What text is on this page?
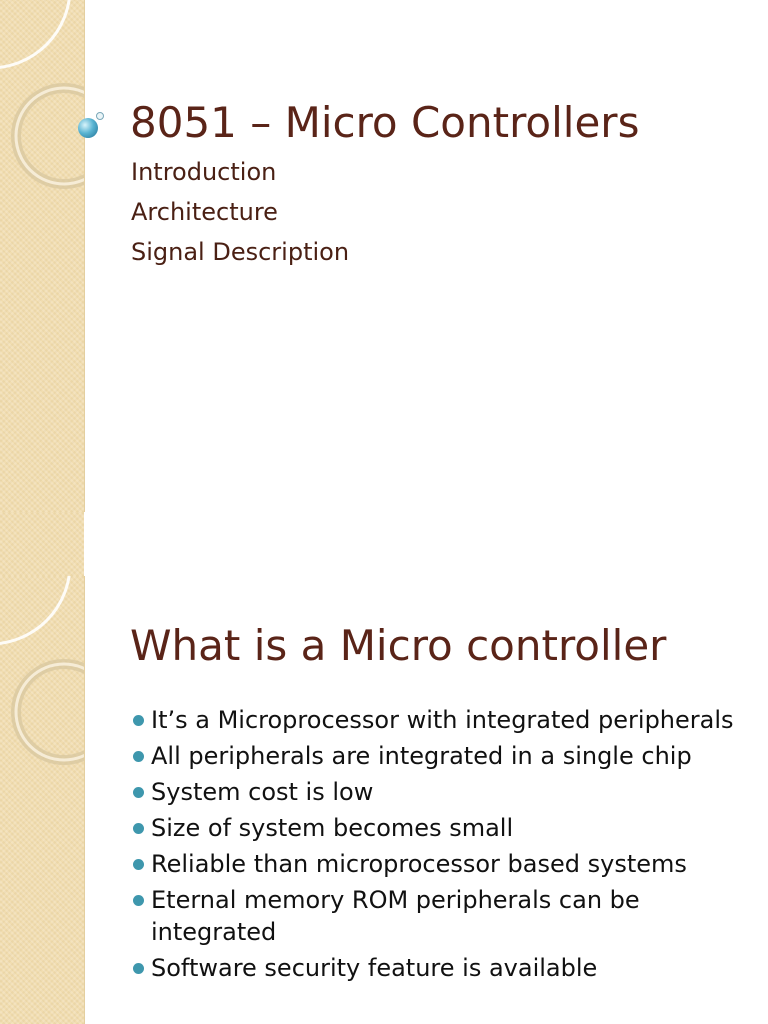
8051 – Micro Controllers
Introduction
Architecture
Signal Description
What is a Micro controller
It’s a Microprocessor with integrated peripherals
All peripherals are integrated in a single chip
System cost is low
Size of system becomes small
Reliable than microprocessor based systems
Eternal memory ROM peripherals can be integrated
Software security feature is available
